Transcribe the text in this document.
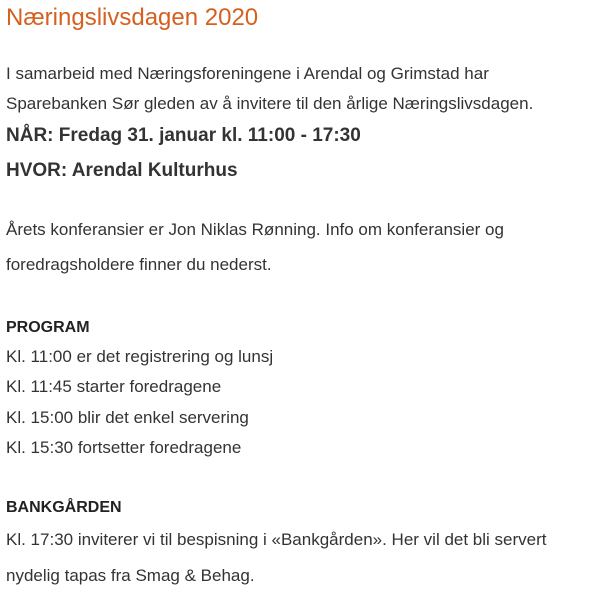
Næringslivsdagen 2020

I samarbeid med Næringsforeningene i Arendal og Grimstad har

Sparebanken Sør gleden av å invitere til den årlige Næringslivsdagen.

NÅR: Fredag 31. januar kl. 11:00 - 17:30

HVOR: Arendal Kulturhus

Årets konferansier er Jon Niklas Rønning. Info om konferansier og

foredragsholdere finner du nederst.

PROGRAM

Kl. 11:00 er det registrering og lunsj

Kl. 11:45 starter foredragene

Kl. 15:00 blir det enkel servering

Kl. 15:30 fortsetter foredragene

BANKGÅRDEN

Kl. 17:30 inviterer vi til bespisning i «Bankgården». Her vil det bli servert

nydelig tapas fra Smag & Behag.
